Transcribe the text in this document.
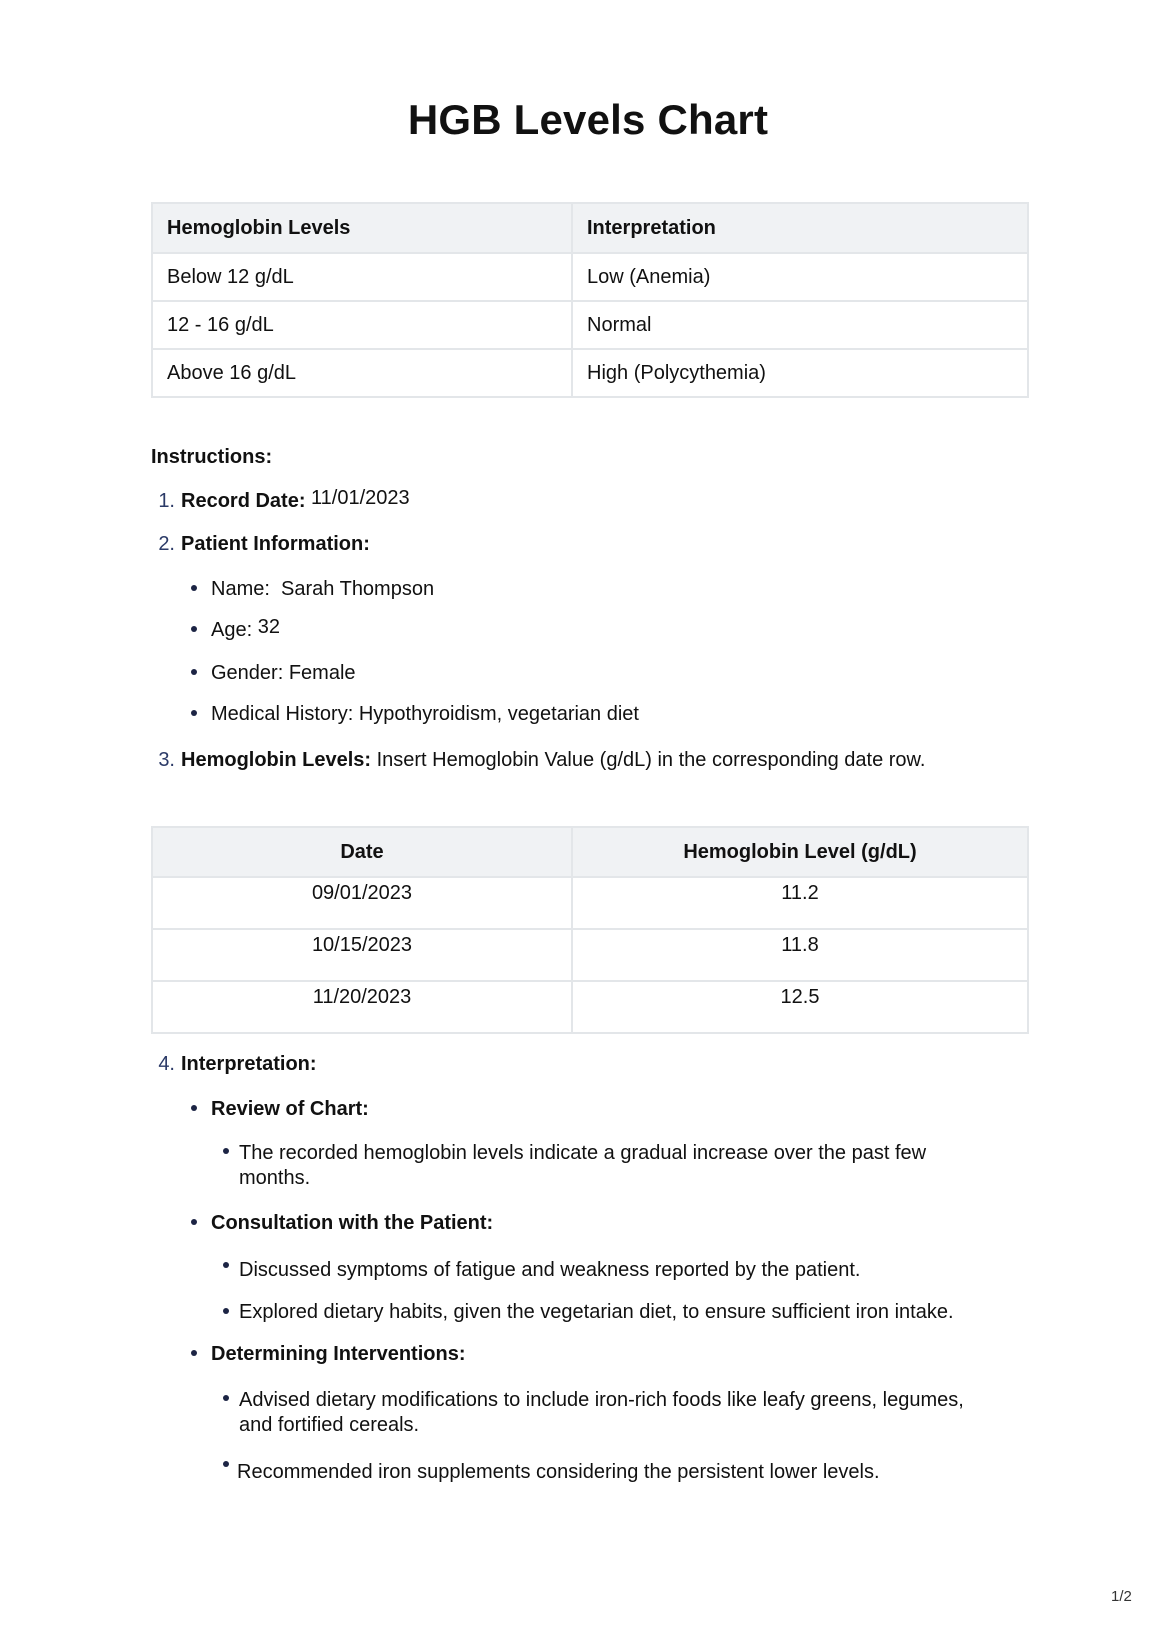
HGB Levels Chart
Hemoglobin Levels	Interpretation
Below 12 g/dL	Low (Anemia)
12 - 16 g/dL	Normal
Above 16 g/dL	High (Polycythemia)
Instructions:
1. Record Date: 11/01/2023
2. Patient Information:
Name: Sarah Thompson
Age: 32
Gender: Female
Medical History: Hypothyroidism, vegetarian diet
3. Hemoglobin Levels: Insert Hemoglobin Value (g/dL) in the corresponding date row.
Date	Hemoglobin Level (g/dL)
09/01/2023	11.2
10/15/2023	11.8
11/20/2023	12.5
4. Interpretation:
Review of Chart:
The recorded hemoglobin levels indicate a gradual increase over the past few months.
Consultation with the Patient:
Discussed symptoms of fatigue and weakness reported by the patient.
Explored dietary habits, given the vegetarian diet, to ensure sufficient iron intake.
Determining Interventions:
Advised dietary modifications to include iron-rich foods like leafy greens, legumes, and fortified cereals.
Recommended iron supplements considering the persistent lower levels.
1/2
